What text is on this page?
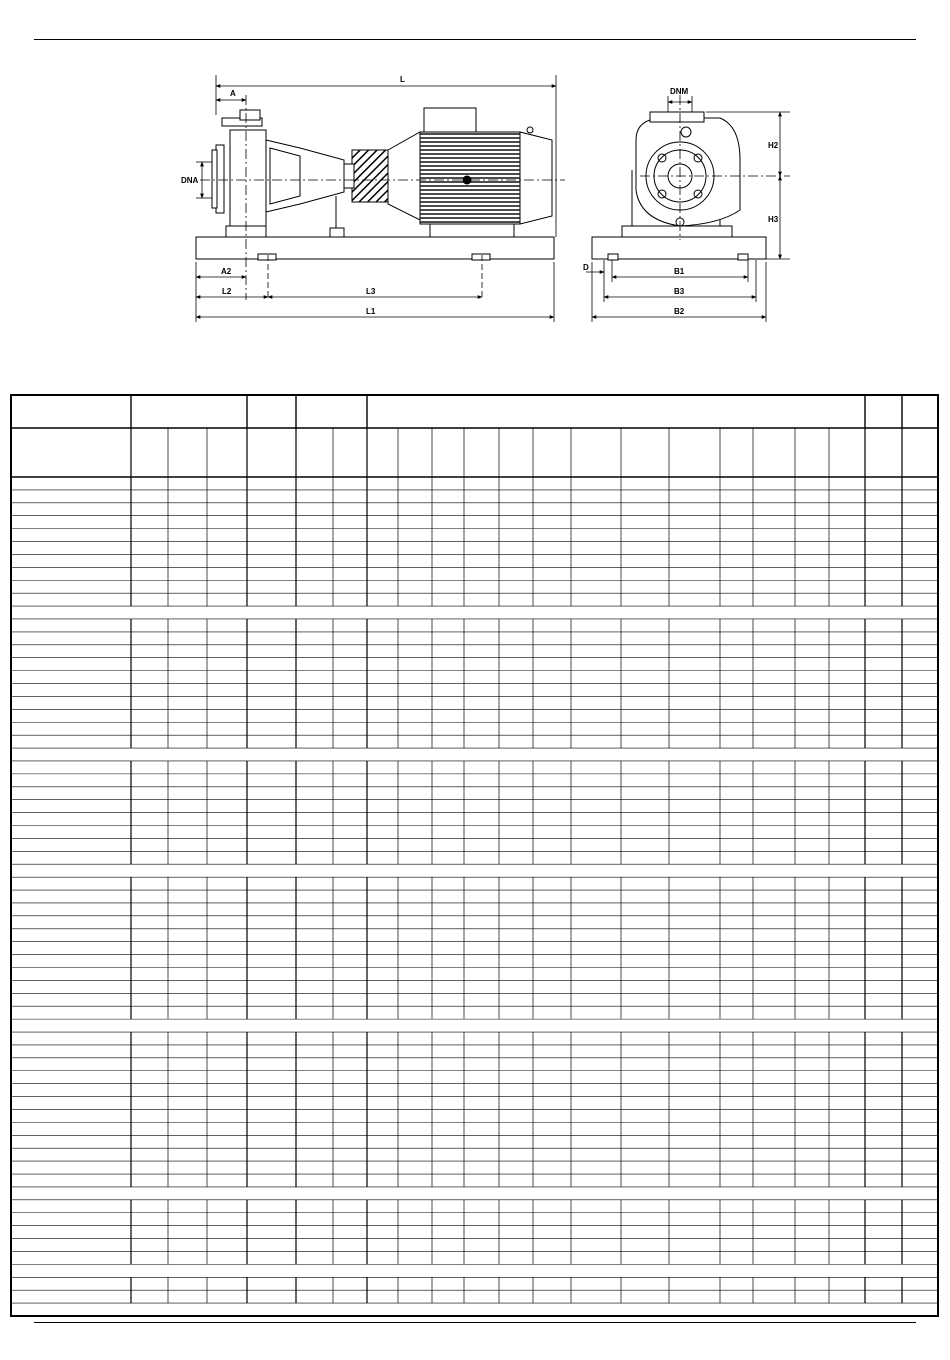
L
A
DNA
A2
L2	L3
L1
DNM
H2
H3
D	B1
B3
B2
